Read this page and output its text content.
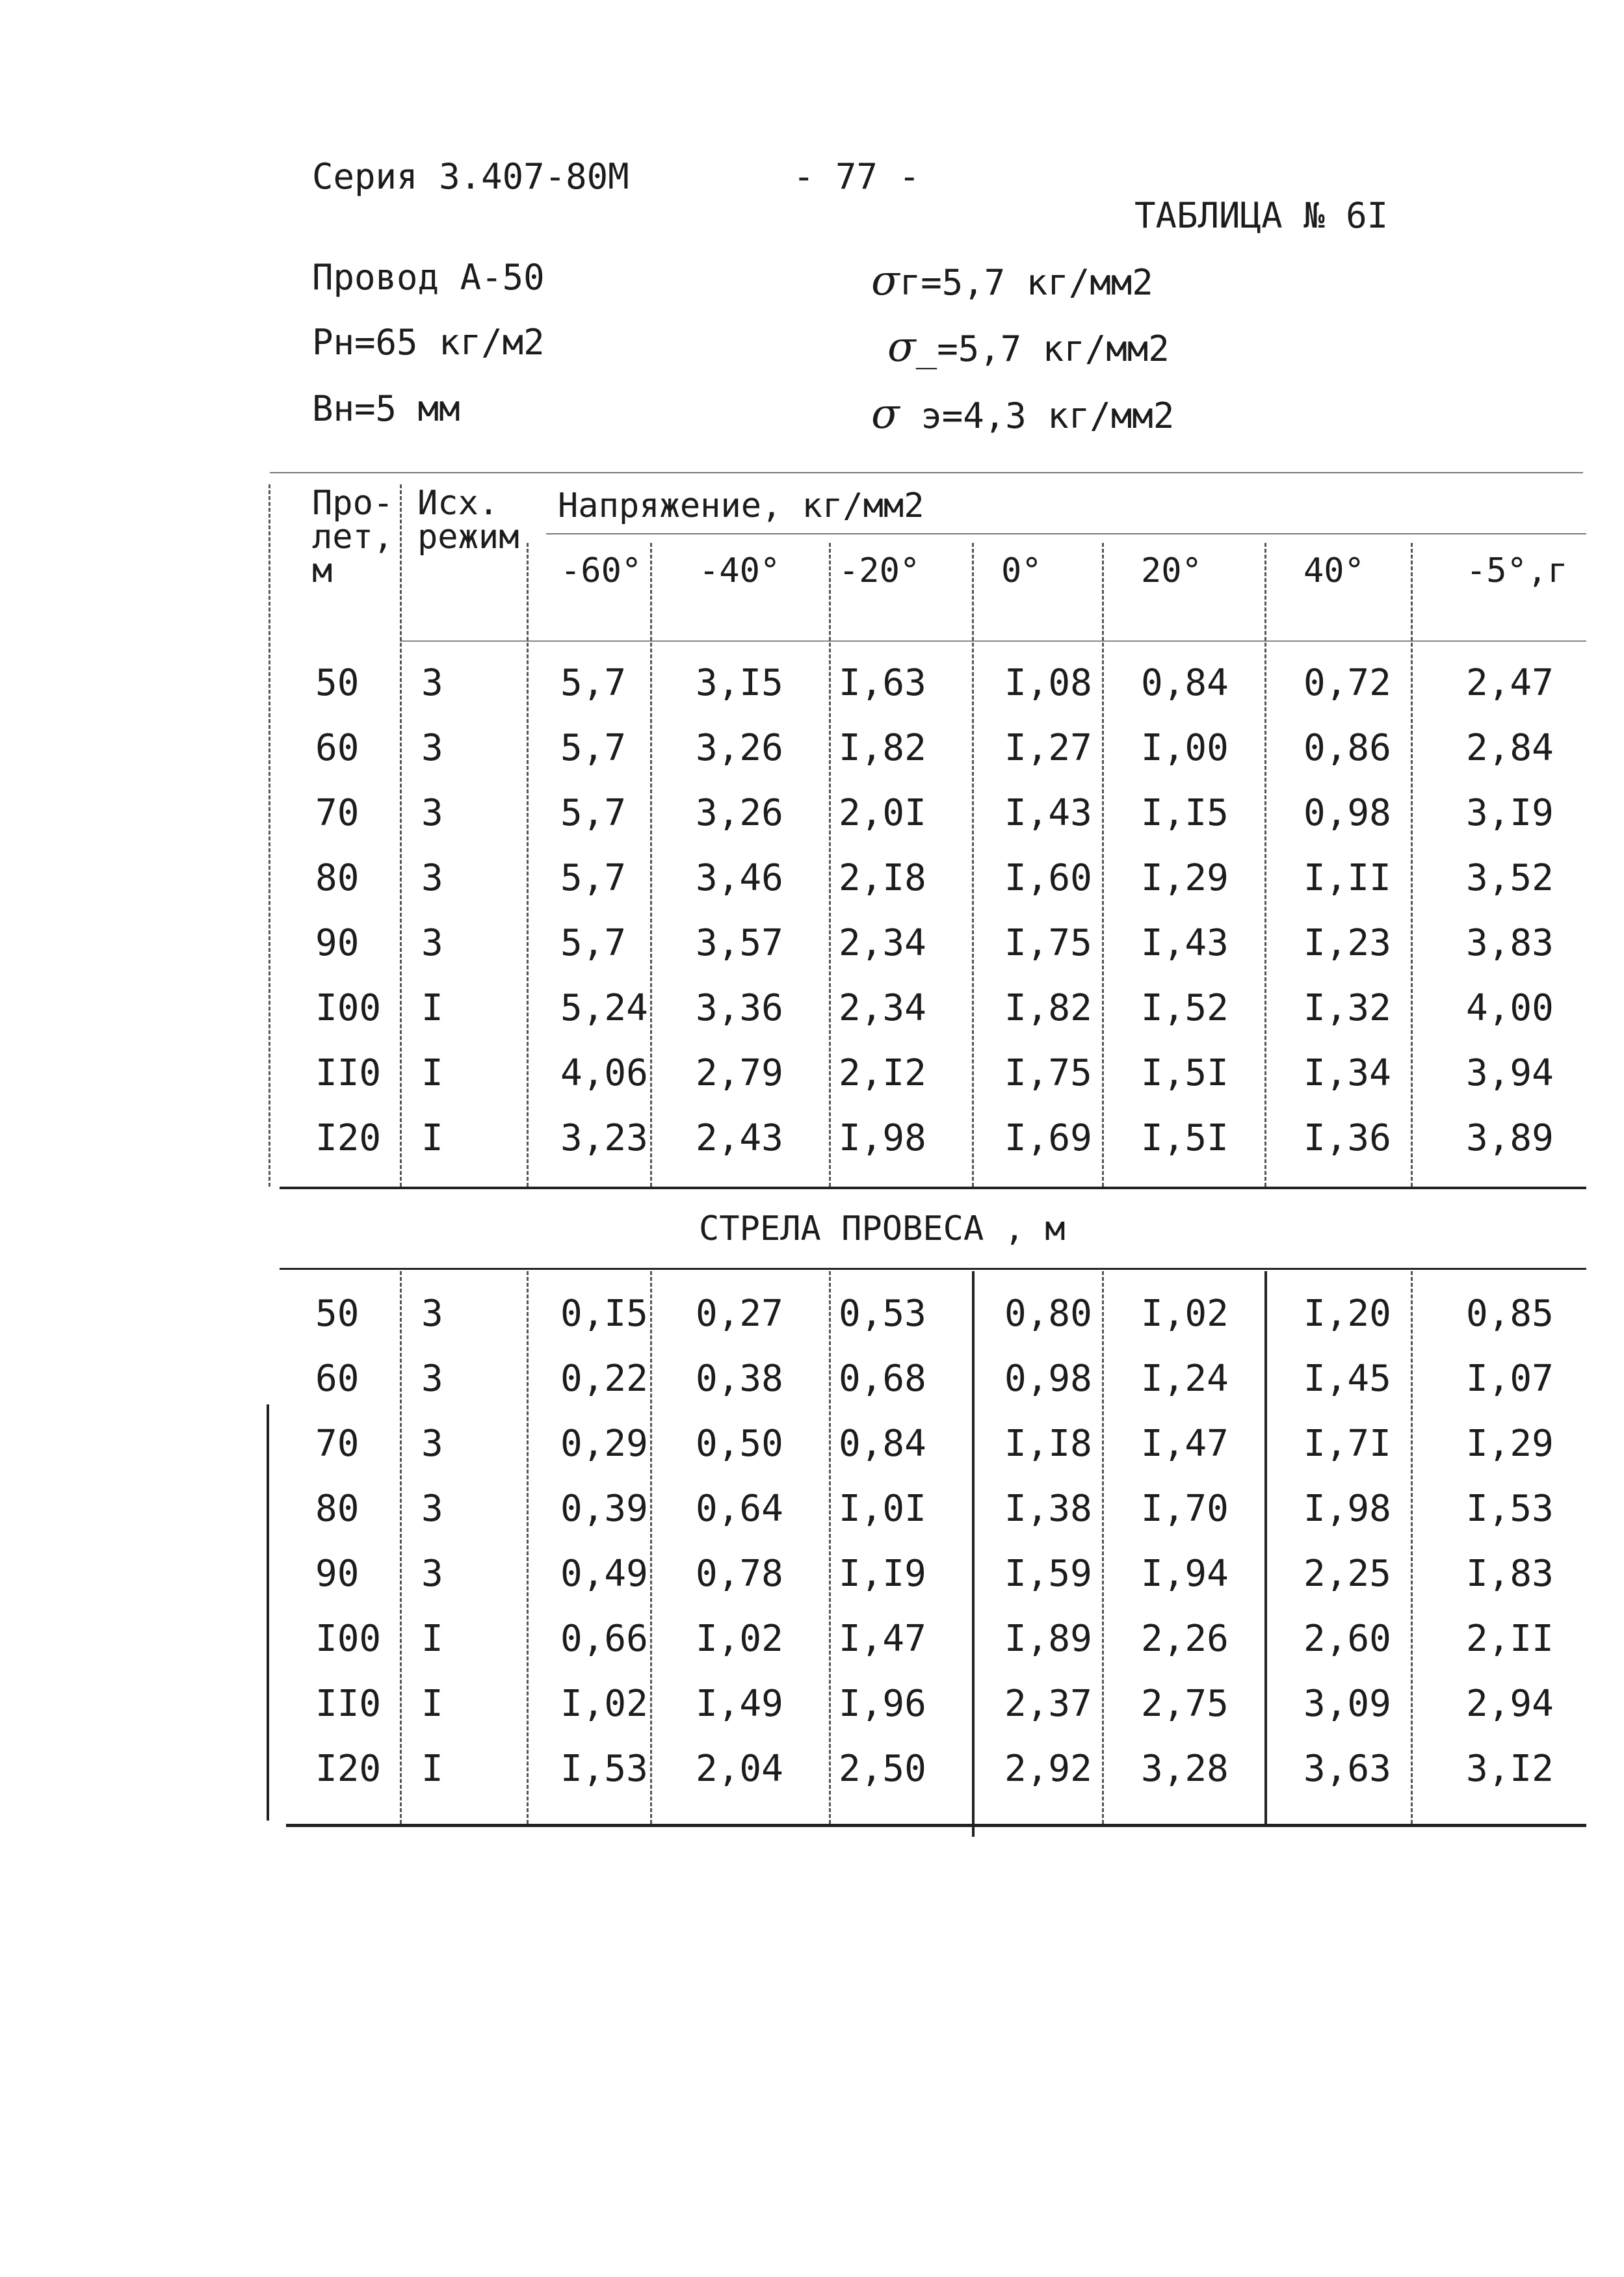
Серия 3.407-80М	- 77 -
ТАБЛИЦА № 6I
Провод А-50
Рн=65 кг/м2
Вн=5 мм
σг=5,7 кг/мм2
σ_=5,7 кг/мм2
σ э=4,3 кг/мм2
Про-
лет,
м
Исх.
режим
Напряжение, кг/мм2
-60° -40° -20° 0°	20°	40°	-5°,г
50 3	5,7 3,I5 I,63 I,08 0,84 0,72 2,47
60 3	5,7 3,26 I,82 I,27 I,00 0,86 2,84
70 3	5,7 3,26 2,0I I,43 I,I5 0,98 3,I9
80 3	5,7 3,46 2,I8 I,60 I,29 I,II 3,52
90 3	5,7 3,57 2,34 I,75 I,43 I,23 3,83
I00 I	5,24 3,36 2,34 I,82 I,52 I,32 4,00
II0 I	4,06 2,79 2,I2 I,75 I,5I I,34 3,94
I20 I	3,23 2,43 I,98 I,69 I,5I I,36 3,89
СТРЕЛА ПРОВЕСА , м
50 3	0,I5 0,27 0,53 0,80 I,02 I,20 0,85
60 3	0,22 0,38 0,68 0,98 I,24 I,45 I,07
70 3	0,29 0,50 0,84 I,I8 I,47 I,7I I,29
80 3	0,39 0,64 I,0I I,38 I,70 I,98 I,53
90 3	0,49 0,78 I,I9 I,59 I,94 2,25 I,83
I00 I	0,66 I,02 I,47 I,89 2,26 2,60 2,II
II0 I	I,02 I,49 I,96 2,37 2,75 3,09 2,94
I20 I	I,53 2,04 2,50 2,92 3,28 3,63 3,I2
